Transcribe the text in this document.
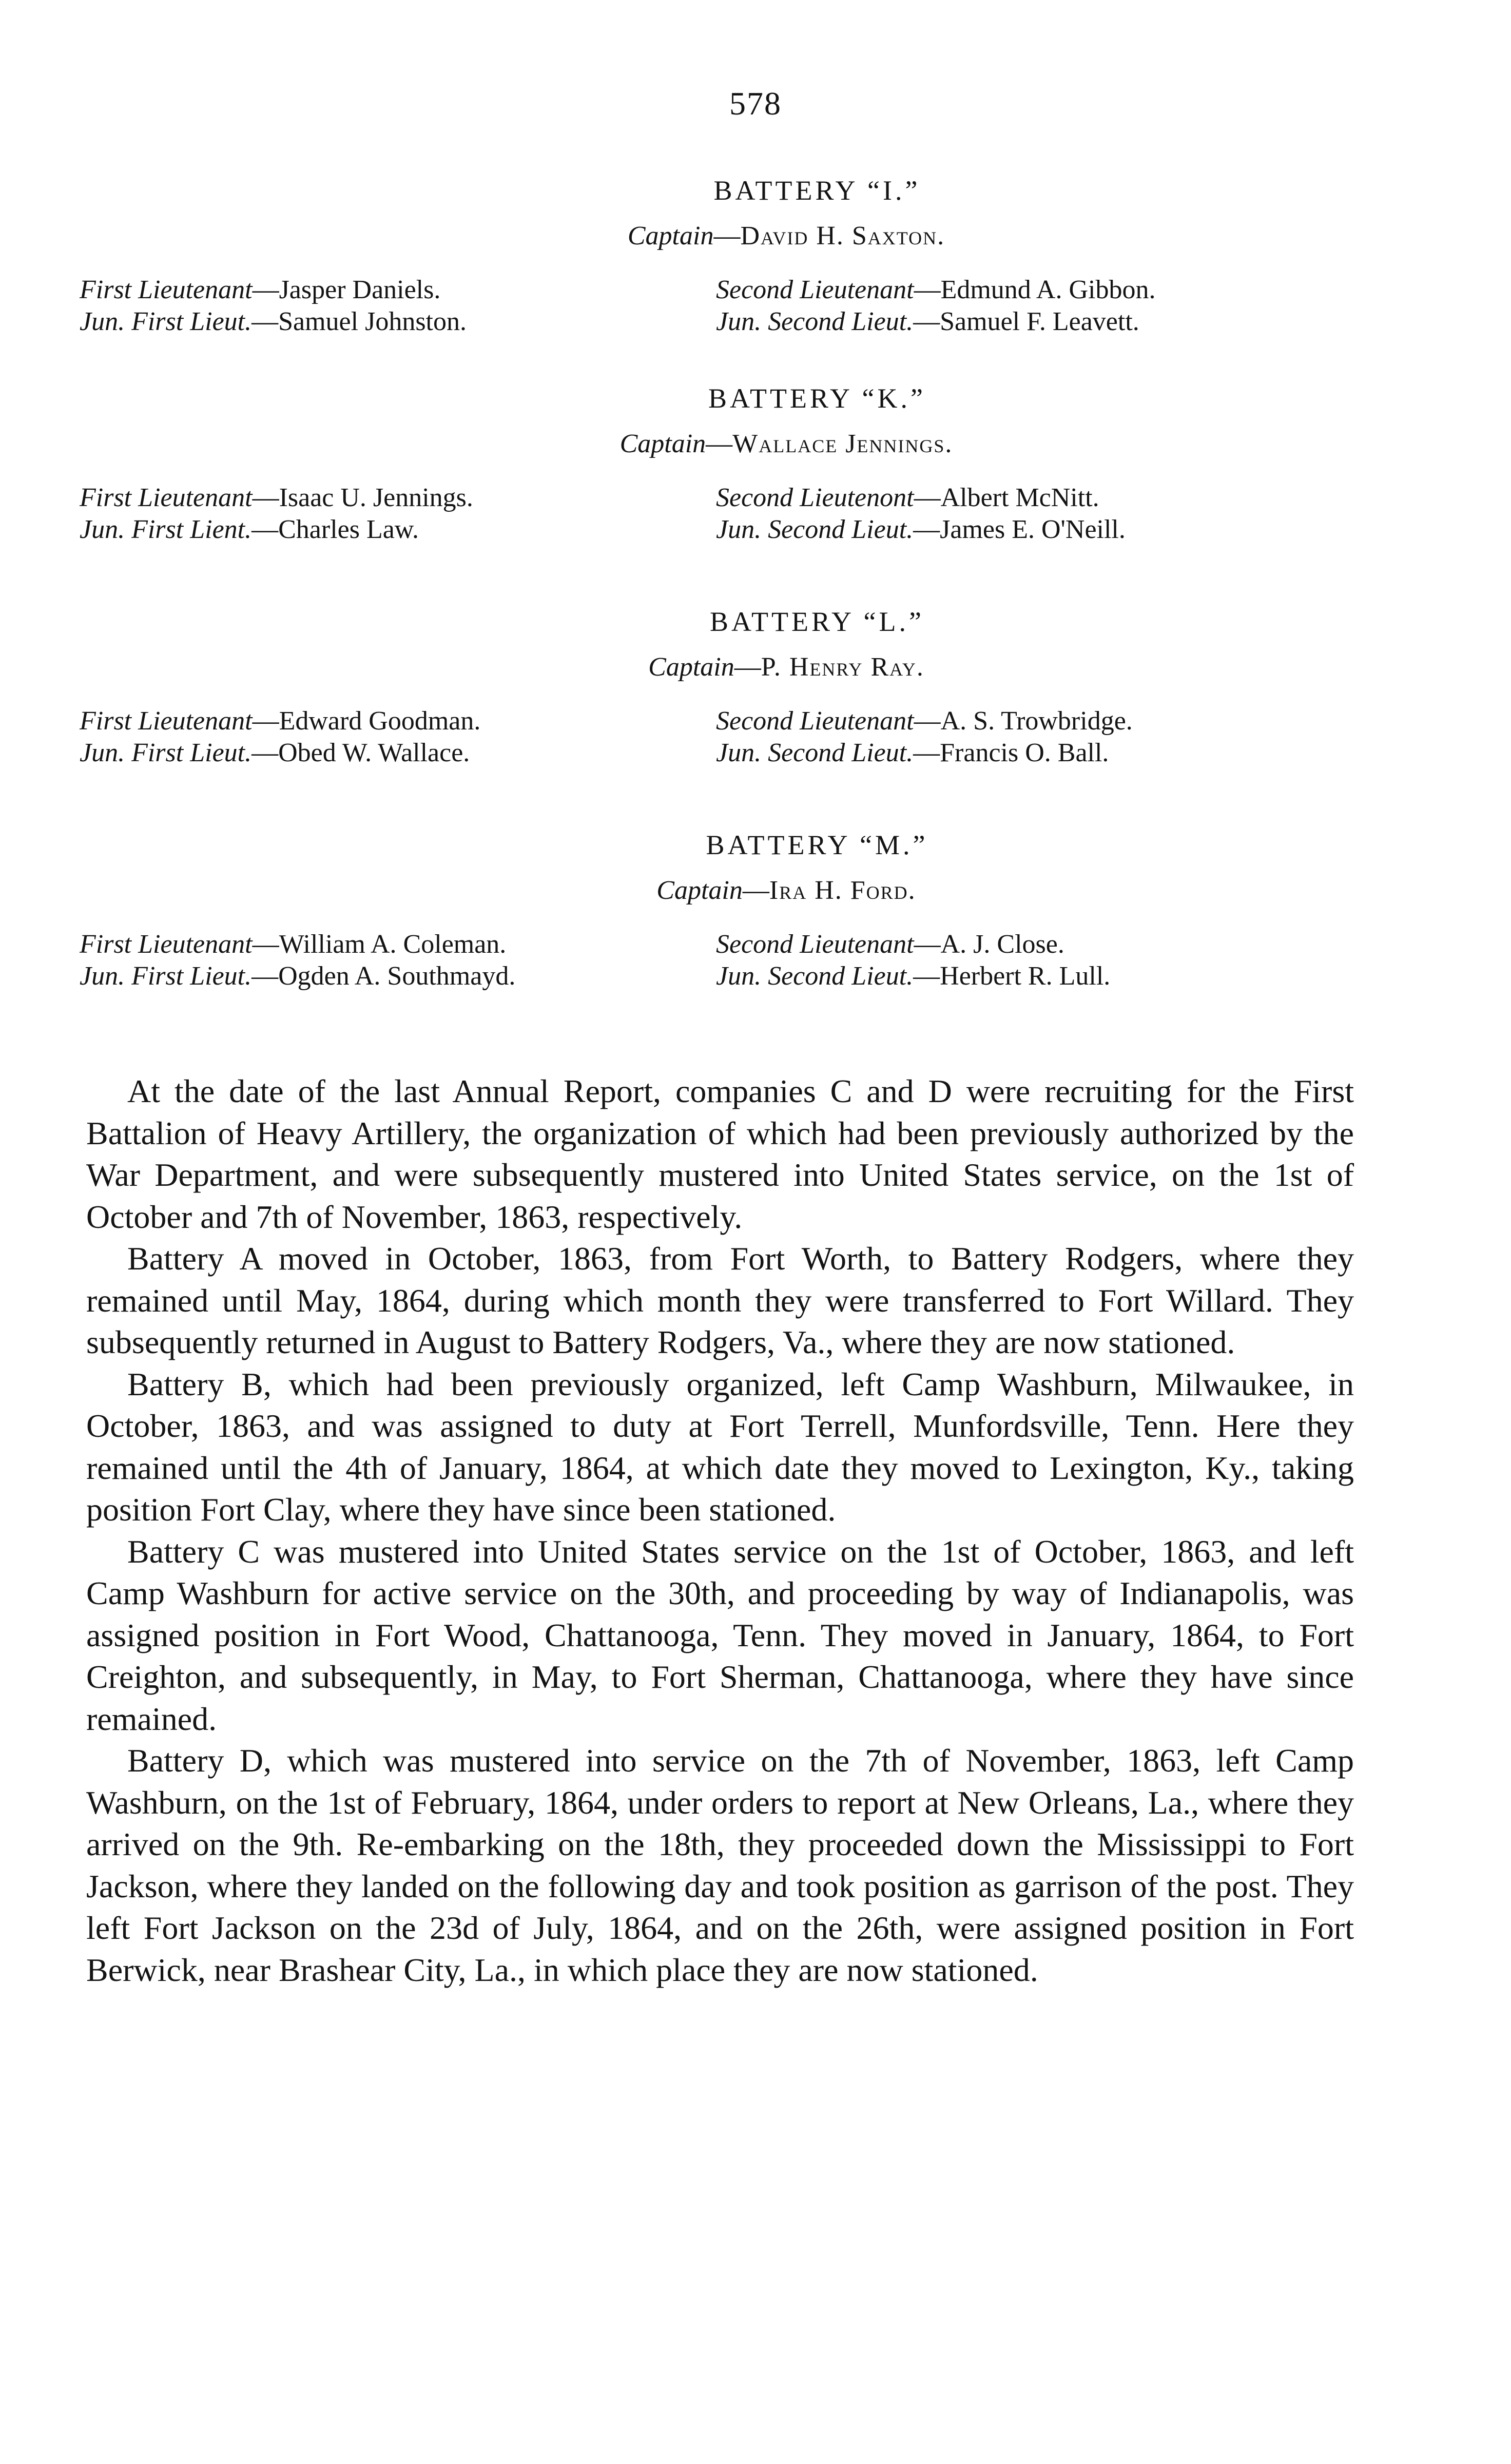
578
BATTERY “I.”
Captain—David H. Saxton.
First Lieutenant—Jasper Daniels.	Second Lieutenant—Edmund A. Gibbon.
Jun. First Lieut.—Samuel Johnston.	Jun. Second Lieut.—Samuel F. Leavett.
BATTERY “K.”
Captain—Wallace Jennings.
First Lieutenant—Isaac U. Jennings.	Second Lieutenont—Albert McNitt.
Jun. First Lient.—Charles Law.	Jun. Second Lieut.—James E. O'Neill.
BATTERY “L.”
Captain—P. Henry Ray.
First Lieutenant—Edward Goodman.	Second Lieutenant—A. S. Trowbridge.
Jun. First Lieut.—Obed W. Wallace.	Jun. Second Lieut.—Francis O. Ball.
BATTERY “M.”
Captain—Ira H. Ford.
First Lieutenant—William A. Coleman.	Second Lieutenant—A. J. Close.
Jun. First Lieut.—Ogden A. Southmayd.	Jun. Second Lieut.—Herbert R. Lull.

At the date of the last Annual Report, companies C and D were recruiting for the First Battalion of Heavy Artillery, the organization of which had been previously authorized by the War Department, and were subsequently mustered into United States service, on the 1st of October and 7th of November, 1863, respectively.

Battery A moved in October, 1863, from Fort Worth, to Battery Rodgers, where they remained until May, 1864, during which month they were transferred to Fort Willard. They subsequently returned in August to Battery Rodgers, Va., where they are now stationed.

Battery B, which had been previously organized, left Camp Washburn, Milwaukee, in October, 1863, and was assigned to duty at Fort Terrell, Munfordsville, Tenn. Here they remained until the 4th of January, 1864, at which date they moved to Lexington, Ky., taking position Fort Clay, where they have since been stationed.

Battery C was mustered into United States service on the 1st of October, 1863, and left Camp Washburn for active service on the 30th, and proceeding by way of Indianapolis, was assigned position in Fort Wood, Chattanooga, Tenn. They moved in January, 1864, to Fort Creighton, and subsequently, in May, to Fort Sherman, Chattanooga, where they have since remained.

Battery D, which was mustered into service on the 7th of November, 1863, left Camp Washburn, on the 1st of February, 1864, under orders to report at New Orleans, La., where they arrived on the 9th. Re-embarking on the 18th, they proceeded down the Mississippi to Fort Jackson, where they landed on the following day and took position as garrison of the post. They left Fort Jackson on the 23d of July, 1864, and on the 26th, were assigned position in Fort Berwick, near Brashear City, La., in which place they are now stationed.
